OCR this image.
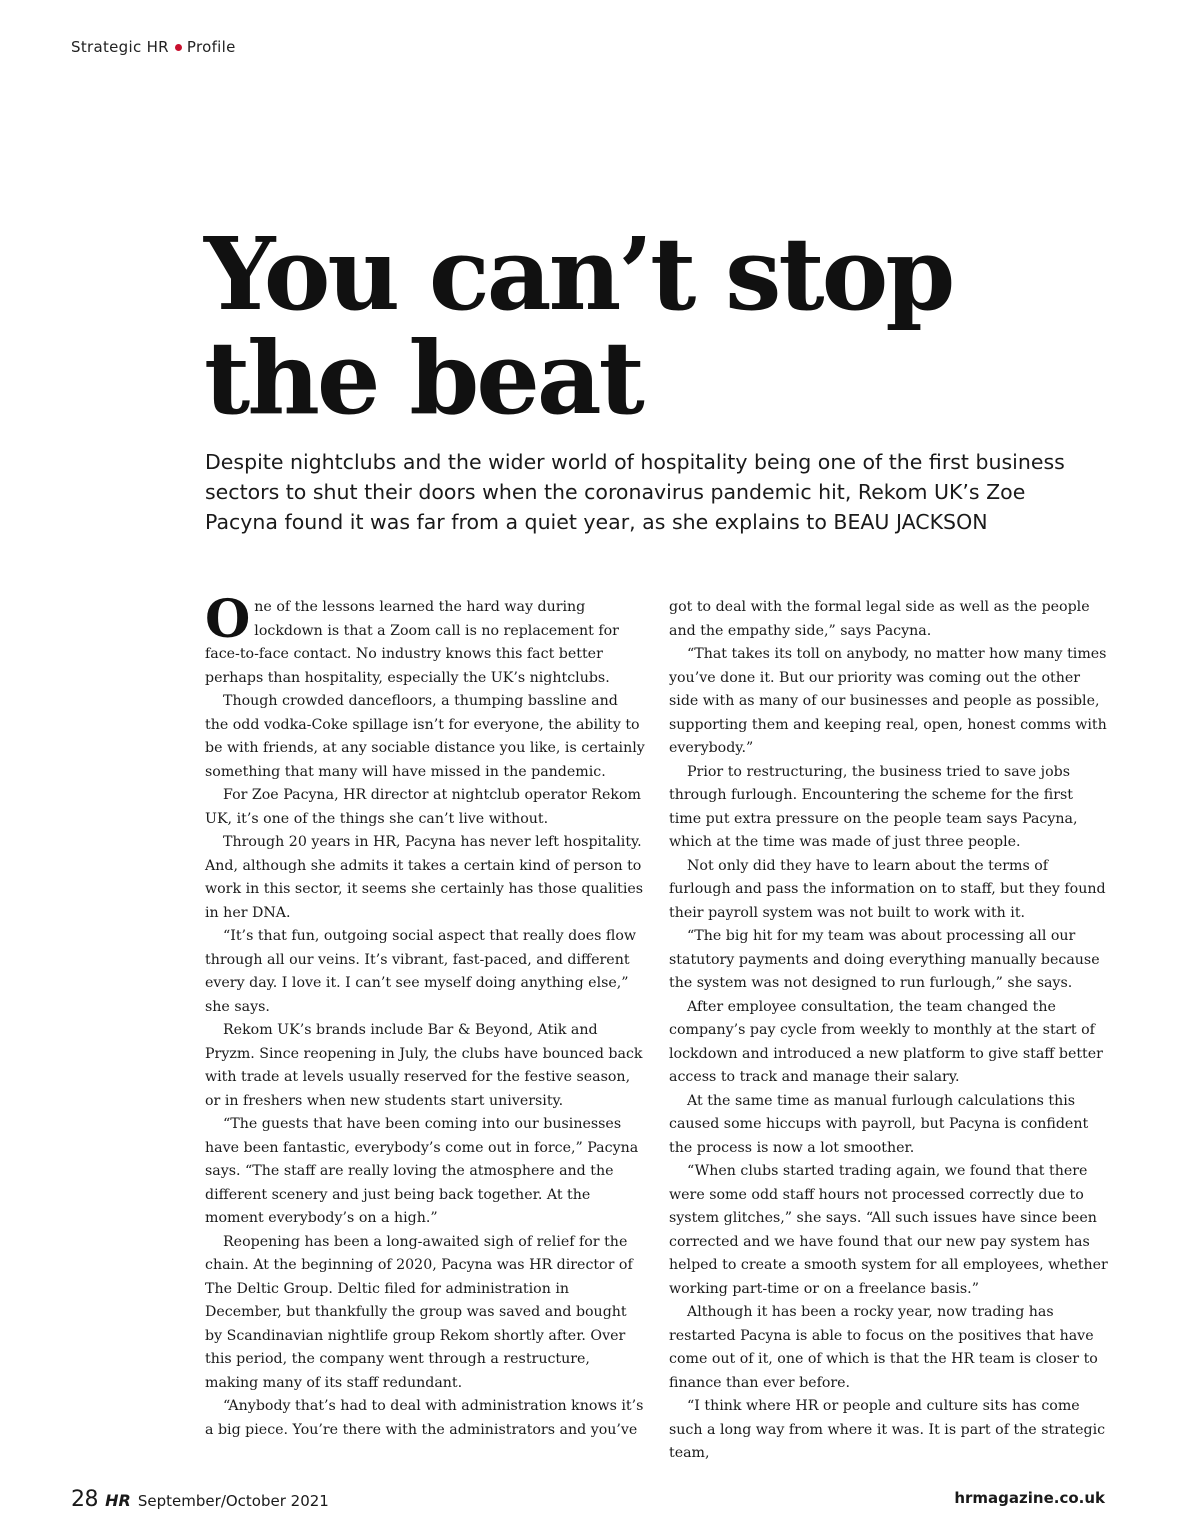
Strategic HR Profile
You can’t stop
the beat

Despite nightclubs and the wider world of hospitality being one of the first business sectors to shut their doors when the coronavirus pandemic hit, Rekom UK’s Zoe Pacyna found it was far from a quiet year, as she explains to BEAU JACKSON

One of the lessons learned the hard way during lockdown is that a Zoom call is no replacement for face-to-face contact. No industry knows this fact better perhaps than hospitality, especially the UK’s nightclubs.

Though crowded dancefloors, a thumping bassline and the odd vodka-Coke spillage isn’t for everyone, the ability to be with friends, at any sociable distance you like, is certainly something that many will have missed in the pandemic.

For Zoe Pacyna, HR director at nightclub operator Rekom UK, it’s one of the things she can’t live without.

Through 20 years in HR, Pacyna has never left hospitality. And, although she admits it takes a certain kind of person to work in this sector, it seems she certainly has those qualities in her DNA.

“It’s that fun, outgoing social aspect that really does flow through all our veins. It’s vibrant, fast-paced, and different every day. I love it. I can’t see myself doing anything else,” she says.

Rekom UK’s brands include Bar & Beyond, Atik and Pryzm. Since reopening in July, the clubs have bounced back with trade at levels usually reserved for the festive season, or in freshers when new students start university.

“The guests that have been coming into our businesses have been fantastic, everybody’s come out in force,” Pacyna says. “The staff are really loving the atmosphere and the different scenery and just being back together. At the moment everybody’s on a high.”

Reopening has been a long-awaited sigh of relief for the chain. At the beginning of 2020, Pacyna was HR director of The Deltic Group. Deltic filed for administration in December, but thankfully the group was saved and bought by Scandinavian nightlife group Rekom shortly after. Over this period, the company went through a restructure, making many of its staff redundant.

“Anybody that’s had to deal with administration knows it’s a big piece. You’re there with the administrators and you’ve

got to deal with the formal legal side as well as the people and the empathy side,” says Pacyna.

“That takes its toll on anybody, no matter how many times you’ve done it. But our priority was coming out the other side with as many of our businesses and people as possible, supporting them and keeping real, open, honest comms with everybody.”

Prior to restructuring, the business tried to save jobs through furlough. Encountering the scheme for the first time put extra pressure on the people team says Pacyna, which at the time was made of just three people.

Not only did they have to learn about the terms of furlough and pass the information on to staff, but they found their payroll system was not built to work with it.

“The big hit for my team was about processing all our statutory payments and doing everything manually because the system was not designed to run furlough,” she says.

After employee consultation, the team changed the company’s pay cycle from weekly to monthly at the start of lockdown and introduced a new platform to give staff better access to track and manage their salary.

At the same time as manual furlough calculations this caused some hiccups with payroll, but Pacyna is confident the process is now a lot smoother.

“When clubs started trading again, we found that there were some odd staff hours not processed correctly due to system glitches,” she says. “All such issues have since been corrected and we have found that our new pay system has helped to create a smooth system for all employees, whether working part-time or on a freelance basis.”

Although it has been a rocky year, now trading has restarted Pacyna is able to focus on the positives that have come out of it, one of which is that the HR team is closer to finance than ever before.

“I think where HR or people and culture sits has come such a long way from where it was. It is part of the strategic team,

28 HR September/October 2021	hrmagazine.co.uk
